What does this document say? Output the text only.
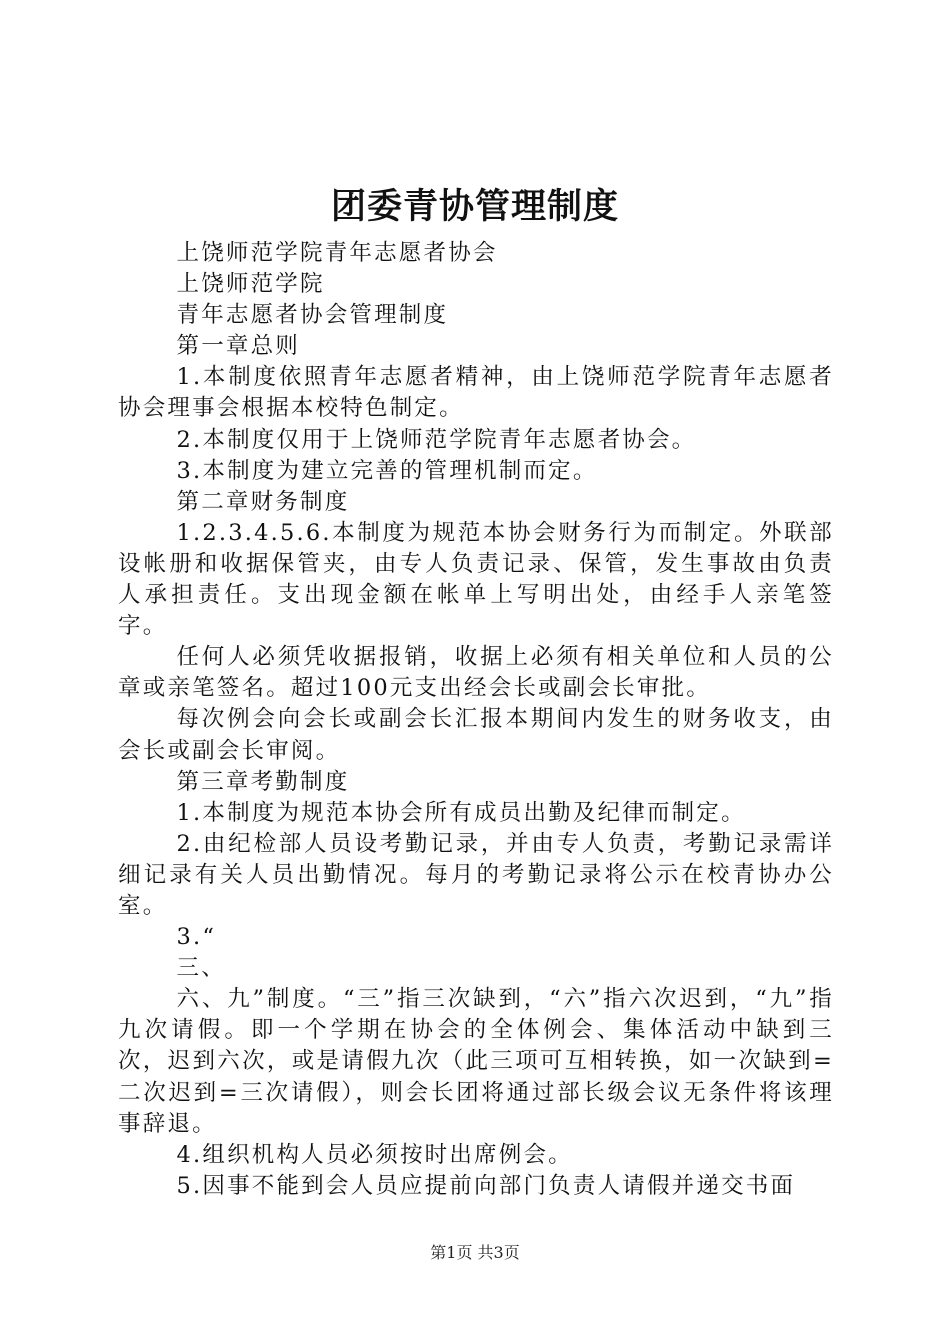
团委青协管理制度

上饶师范学院青年志愿者协会

上饶师范学院

青年志愿者协会管理制度

第一章总则

1.本制度依照青年志愿者精神，由上饶师范学院青年志愿者协会理事会根据本校特色制定。

2.本制度仅用于上饶师范学院青年志愿者协会。

3.本制度为建立完善的管理机制而定。

第二章财务制度

1.2.3.4.5.6.本制度为规范本协会财务行为而制定。外联部设帐册和收据保管夹，由专人负责记录、保管，发生事故由负责人承担责任。支出现金额在帐单上写明出处，由经手人亲笔签字。

任何人必须凭收据报销，收据上必须有相关单位和人员的公章或亲笔签名。超过100元支出经会长或副会长审批。

每次例会向会长或副会长汇报本期间内发生的财务收支，由会长或副会长审阅。

第三章考勤制度

1.本制度为规范本协会所有成员出勤及纪律而制定。

2.由纪检部人员设考勤记录，并由专人负责，考勤记录需详细记录有关人员出勤情况。每月的考勤记录将公示在校青协办公室。

3.“

三、

六、九”制度。“三”指三次缺到，“六”指六次迟到，“九”指九次请假。即一个学期在协会的全体例会、集体活动中缺到三次，迟到六次，或是请假九次（此三项可互相转换，如一次缺到=二次迟到=三次请假），则会长团将通过部长级会议无条件将该理事辞退。

4.组织机构人员必须按时出席例会。

5.因事不能到会人员应提前向部门负责人请假并递交书面

第1页 共3页
